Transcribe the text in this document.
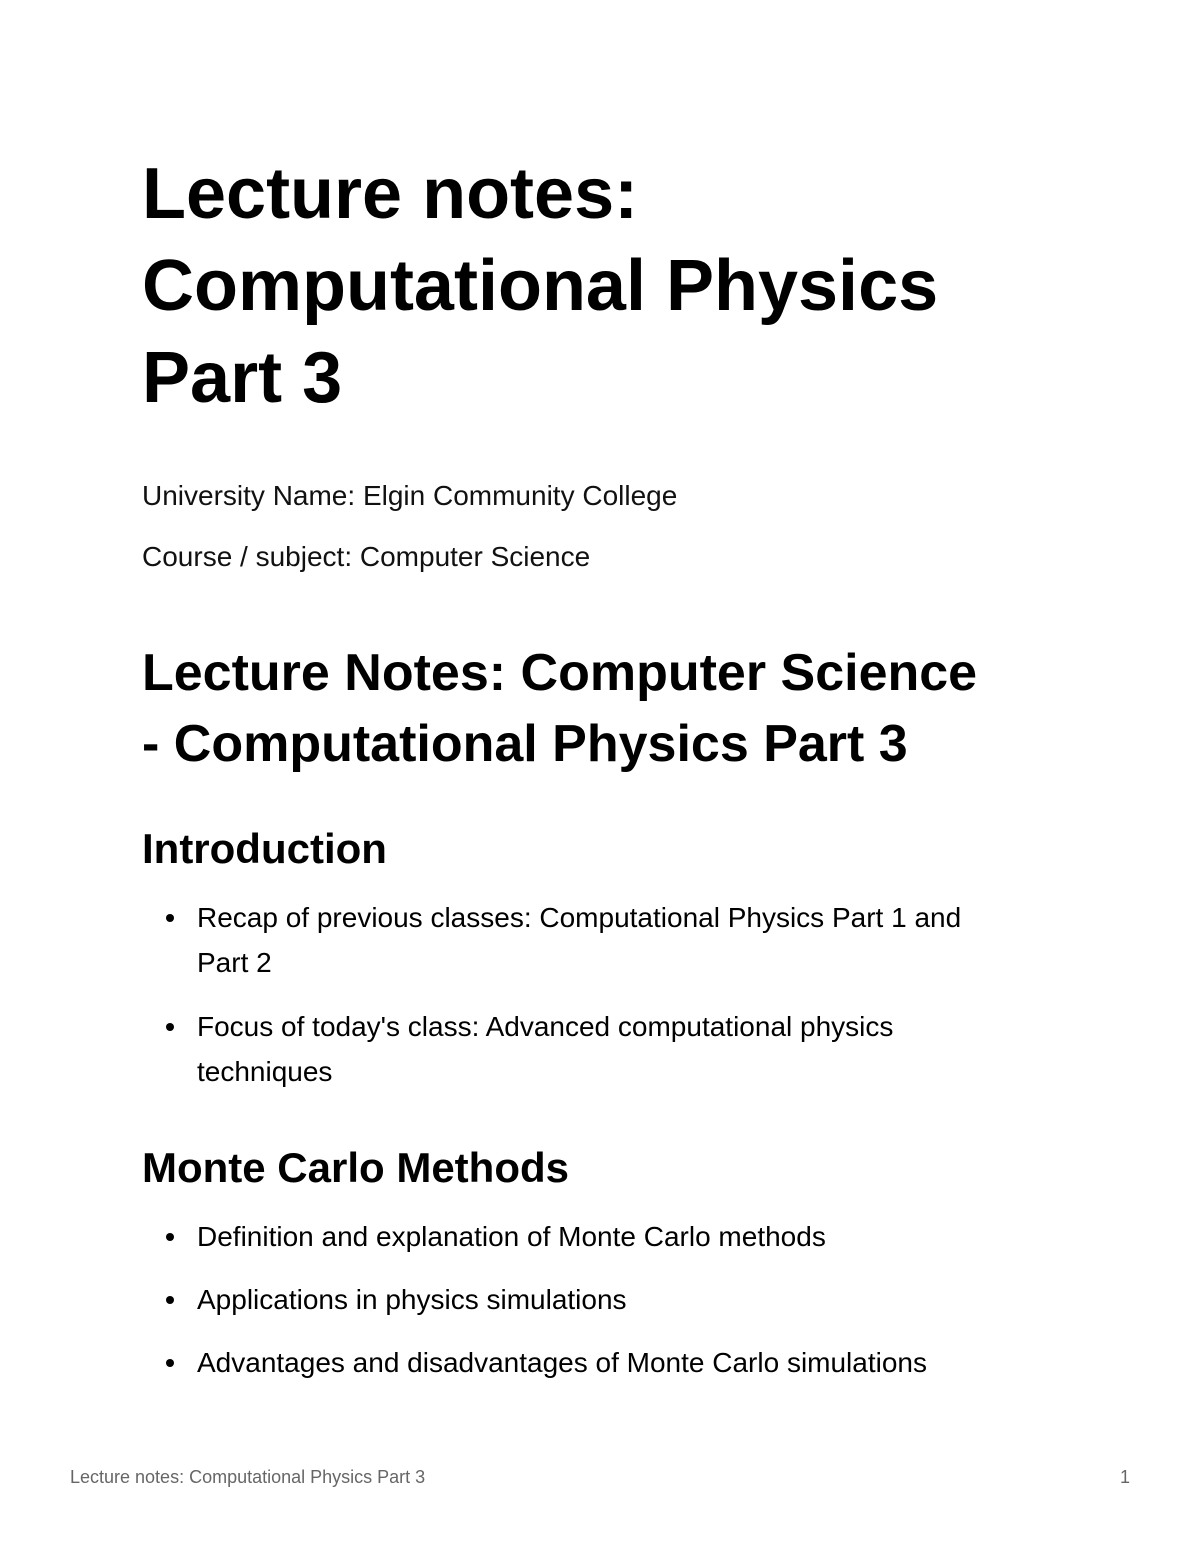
Lecture notes:
Computational Physics
Part 3

University Name: Elgin Community College

Course / subject: Computer Science

Lecture Notes: Computer Science
- Computational Physics Part 3
Introduction
Recap of previous classes: Computational Physics Part 1 and
Part 2
Focus of today's class: Advanced computational physics
techniques
Monte Carlo Methods
Definition and explanation of Monte Carlo methods
Applications in physics simulations
Advantages and disadvantages of Monte Carlo simulations
Lecture notes: Computational Physics Part 3	1
